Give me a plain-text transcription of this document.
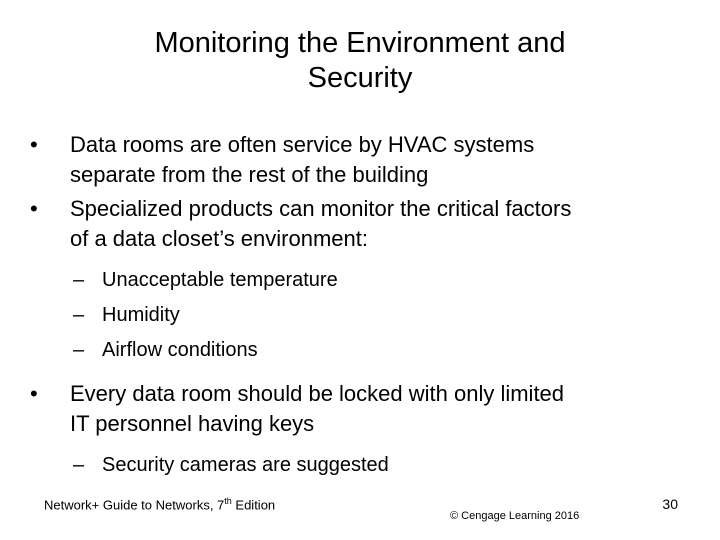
Monitoring the Environment and
Security
• Data rooms are often service by HVAC systems
separate from the rest of the building
• Specialized products can monitor the critical factors
of a data closet’s environment:
– Unacceptable temperature
– Humidity
– Airflow conditions
• Every data room should be locked with only limited
IT personnel having keys
– Security cameras are suggested
Network+ Guide to Networks, 7th Edition
© Cengage Learning 2016
30
